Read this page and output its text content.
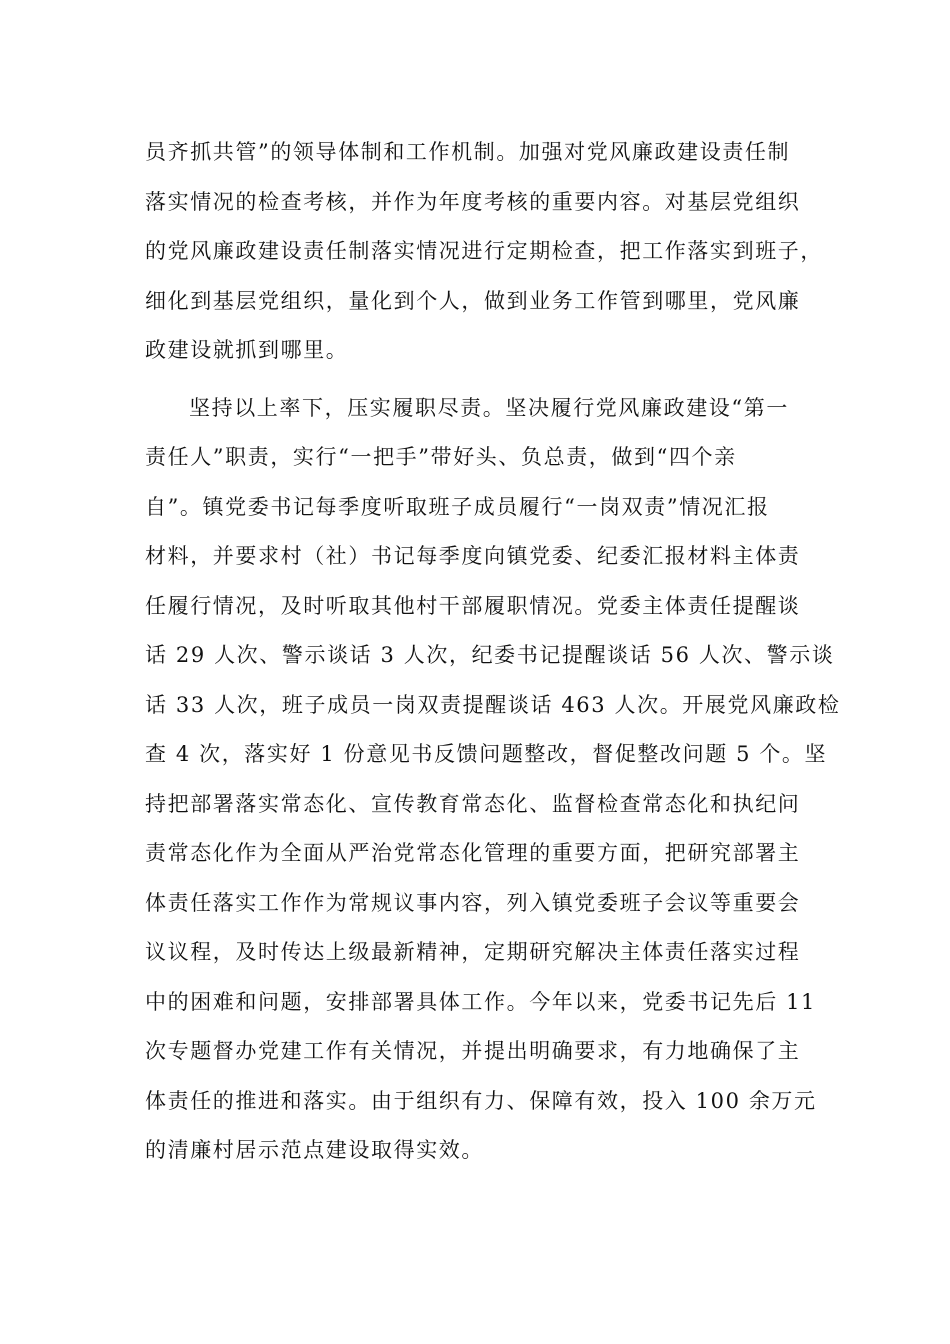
员齐抓共管”的领导体制和工作机制。加强对党风廉政建设责任制
落实情况的检查考核，并作为年度考核的重要内容。对基层党组织
的党风廉政建设责任制落实情况进行定期检查，把工作落实到班子，
细化到基层党组织，量化到个人，做到业务工作管到哪里，党风廉
政建设就抓到哪里。
坚持以上率下，压实履职尽责。坚决履行党风廉政建设“第一
责任人”职责，实行“一把手”带好头、负总责，做到“四个亲
自”。镇党委书记每季度听取班子成员履行“一岗双责”情况汇报
材料，并要求村（社）书记每季度向镇党委、纪委汇报材料主体责
任履行情况，及时听取其他村干部履职情况。党委主体责任提醒谈
话 29 人次、警示谈话 3 人次，纪委书记提醒谈话 56 人次、警示谈
话 33 人次，班子成员一岗双责提醒谈话 463 人次。开展党风廉政检
查 4 次，落实好 1 份意见书反馈问题整改，督促整改问题 5 个。坚
持把部署落实常态化、宣传教育常态化、监督检查常态化和执纪问
责常态化作为全面从严治党常态化管理的重要方面，把研究部署主
体责任落实工作作为常规议事内容，列入镇党委班子会议等重要会
议议程，及时传达上级最新精神，定期研究解决主体责任落实过程
中的困难和问题，安排部署具体工作。今年以来，党委书记先后 11
次专题督办党建工作有关情况，并提出明确要求，有力地确保了主
体责任的推进和落实。由于组织有力、保障有效，投入 100 余万元
的清廉村居示范点建设取得实效。
